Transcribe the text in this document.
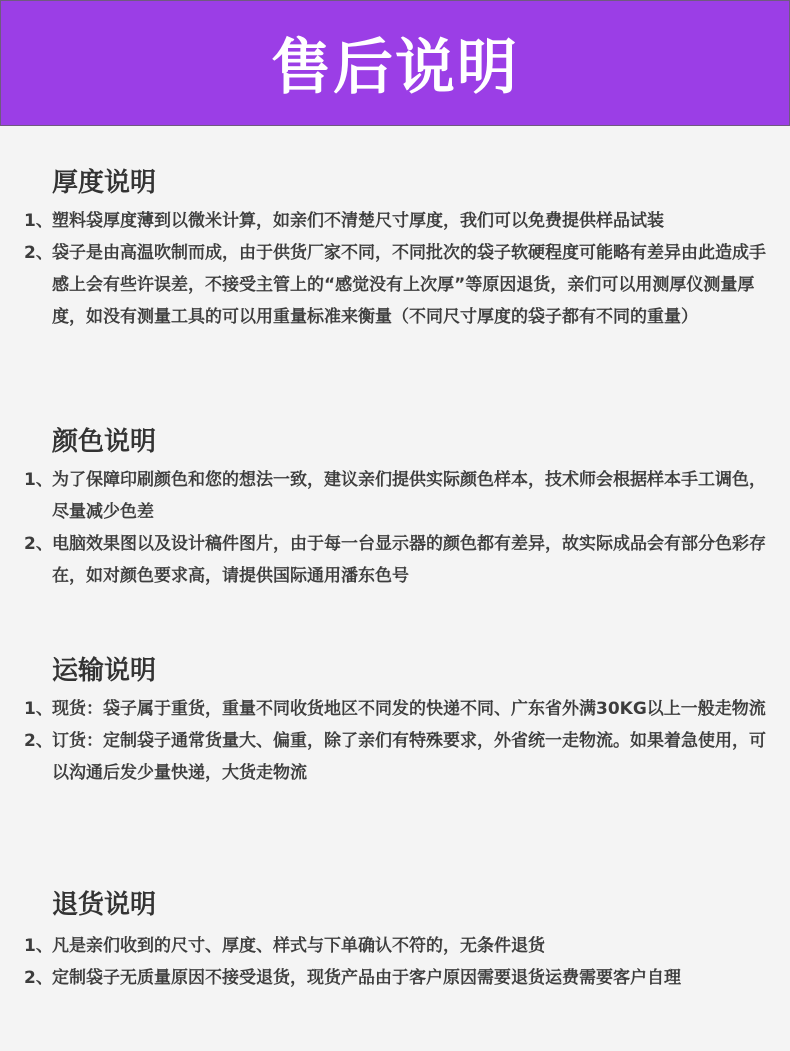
售后说明
厚度说明
1、 塑料袋厚度薄到以微米计算，如亲们不清楚尺寸厚度，我们可以免费提供样品试装
2、 袋子是由高温吹制而成，由于供货厂家不同，不同批次的袋子软硬程度可能略有差异由此造成手感上会有些许误差，不接受主管上的“感觉没有上次厚”等原因退货，亲们可以用测厚仪测量厚度，如没有测量工具的可以用重量标准来衡量（不同尺寸厚度的袋子都有不同的重量）
颜色说明
1、 为了保障印刷颜色和您的想法一致，建议亲们提供实际颜色样本，技术师会根据样本手工调色，尽量减少色差
2、 电脑效果图以及设计稿件图片，由于每一台显示器的颜色都有差异，故实际成品会有部分色彩存在，如对颜色要求高，请提供国际通用潘东色号
运输说明
1、 现货：袋子属于重货，重量不同收货地区不同发的快递不同、广东省外满30KG以上一般走物流
2、 订货：定制袋子通常货量大、偏重，除了亲们有特殊要求，外省统一走物流。如果着急使用，可以沟通后发少量快递，大货走物流
退货说明
1、 凡是亲们收到的尺寸、厚度、样式与下单确认不符的，无条件退货
2、 定制袋子无质量原因不接受退货，现货产品由于客户原因需要退货运费需要客户自理
